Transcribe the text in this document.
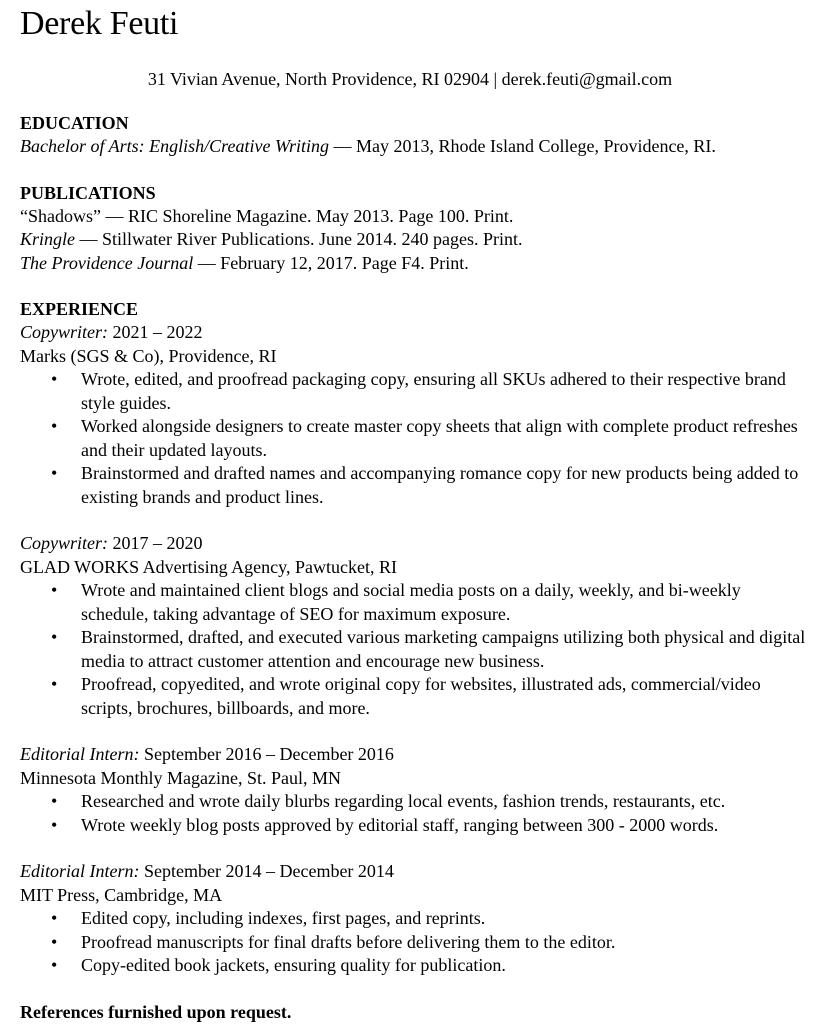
Derek Feuti
31 Vivian Avenue, North Providence, RI 02904 | derek.feuti@gmail.com
EDUCATION
Bachelor of Arts: English/Creative Writing — May 2013, Rhode Island College, Providence, RI.
PUBLICATIONS
“Shadows” — RIC Shoreline Magazine. May 2013. Page 100. Print.
Kringle — Stillwater River Publications. June 2014. 240 pages. Print.
The Providence Journal — February 12, 2017. Page F4. Print.
EXPERIENCE
Copywriter: 2021 – 2022
Marks (SGS & Co), Providence, RI
• Wrote, edited, and proofread packaging copy, ensuring all SKUs adhered to their respective brand style guides.
• Worked alongside designers to create master copy sheets that align with complete product refreshes and their updated layouts.
• Brainstormed and drafted names and accompanying romance copy for new products being added to existing brands and product lines.
Copywriter: 2017 – 2020
GLAD WORKS Advertising Agency, Pawtucket, RI
• Wrote and maintained client blogs and social media posts on a daily, weekly, and bi-weekly schedule, taking advantage of SEO for maximum exposure.
• Brainstormed, drafted, and executed various marketing campaigns utilizing both physical and digital media to attract customer attention and encourage new business.
• Proofread, copyedited, and wrote original copy for websites, illustrated ads, commercial/video scripts, brochures, billboards, and more.
Editorial Intern: September 2016 – December 2016
Minnesota Monthly Magazine, St. Paul, MN
• Researched and wrote daily blurbs regarding local events, fashion trends, restaurants, etc.
• Wrote weekly blog posts approved by editorial staff, ranging between 300 - 2000 words.
Editorial Intern: September 2014 – December 2014
MIT Press, Cambridge, MA
• Edited copy, including indexes, first pages, and reprints.
• Proofread manuscripts for final drafts before delivering them to the editor.
• Copy-edited book jackets, ensuring quality for publication.
References furnished upon request.
